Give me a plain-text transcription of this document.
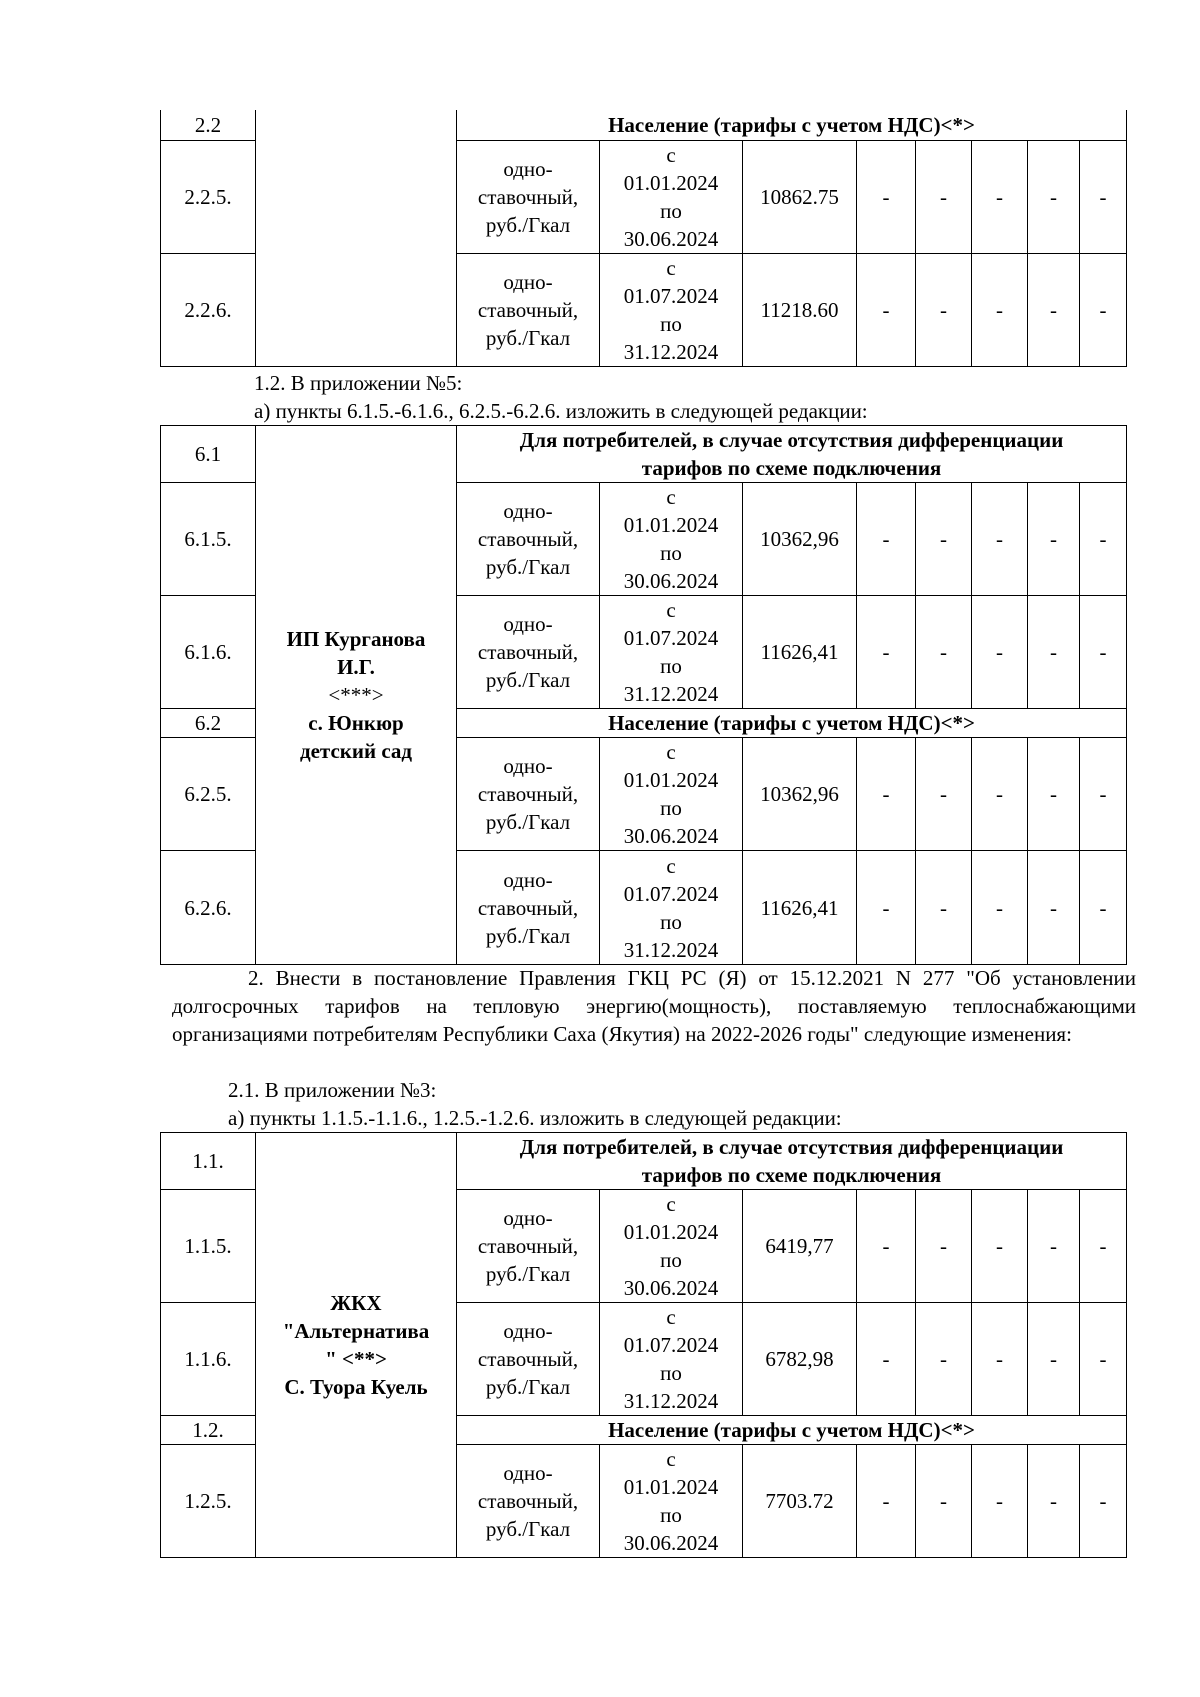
2.2		Население (тарифы с учетом НДС)<*>							
2.2.5.		одно-
ставочный,
руб./Гкал	с
01.01.2024
по
30.06.2024	10862.75	-	-	-	-	-
2.2.6.		одно-
ставочный,
руб./Гкал	с
01.07.2024
по
31.12.2024	11218.60	-	-	-	-	-
1.2. В приложении №5:
а) пункты 6.1.5.-6.1.6., 6.2.5.-6.2.6. изложить в следующей редакции:
6.1	ИП Курганова
И.Г.
<***>
с. Юнкюр
детский сад	Для потребителей, в случае отсутствия дифференциации
тарифов по схеме подключения							

6.1.5.		одно-
ставочный,
руб./Гкал	с
01.01.2024
по
30.06.2024	10362,96	-	-	-	-	-
6.1.6.		одно-
ставочный,
руб./Гкал	с
01.07.2024
по
31.12.2024	11626,41	-	-	-	-	-
6.2		Население (тарифы с учетом НДС)<*>							
6.2.5.		одно-
ставочный,
руб./Гкал	с
01.01.2024
по
30.06.2024	10362,96	-	-	-	-	-
6.2.6.		одно-
ставочный,
руб./Гкал	с
01.07.2024
по
31.12.2024	11626,41	-	-	-	-	-
2. Внести в постановление Правления ГКЦ РС (Я) от 15.12.2021 N 277 "Об установлении долгосрочных тарифов на тепловую энергию(мощность), поставляемую теплоснабжающими организациями потребителям Республики Саха (Якутия) на 2022-2026 годы" следующие изменения:
2.1. В приложении №3:
а) пункты 1.1.5.-1.1.6., 1.2.5.-1.2.6. изложить в следующей редакции:
1.1.	ЖКХ
"Альтернатива
" <**>
С. Туора Куель	Для потребителей, в случае отсутствия дифференциации
тарифов по схеме подключения							

1.1.5.		одно-
ставочный,
руб./Гкал	с
01.01.2024
по
30.06.2024	6419,77	-	-	-	-	-
1.1.6.		одно-
ставочный,
руб./Гкал	с
01.07.2024
по
31.12.2024	6782,98	-	-	-	-	-
1.2.		Население (тарифы с учетом НДС)<*>							
1.2.5.		одно-
ставочный,
руб./Гкал	с
01.01.2024
по
30.06.2024	7703.72	-	-	-	-	-
